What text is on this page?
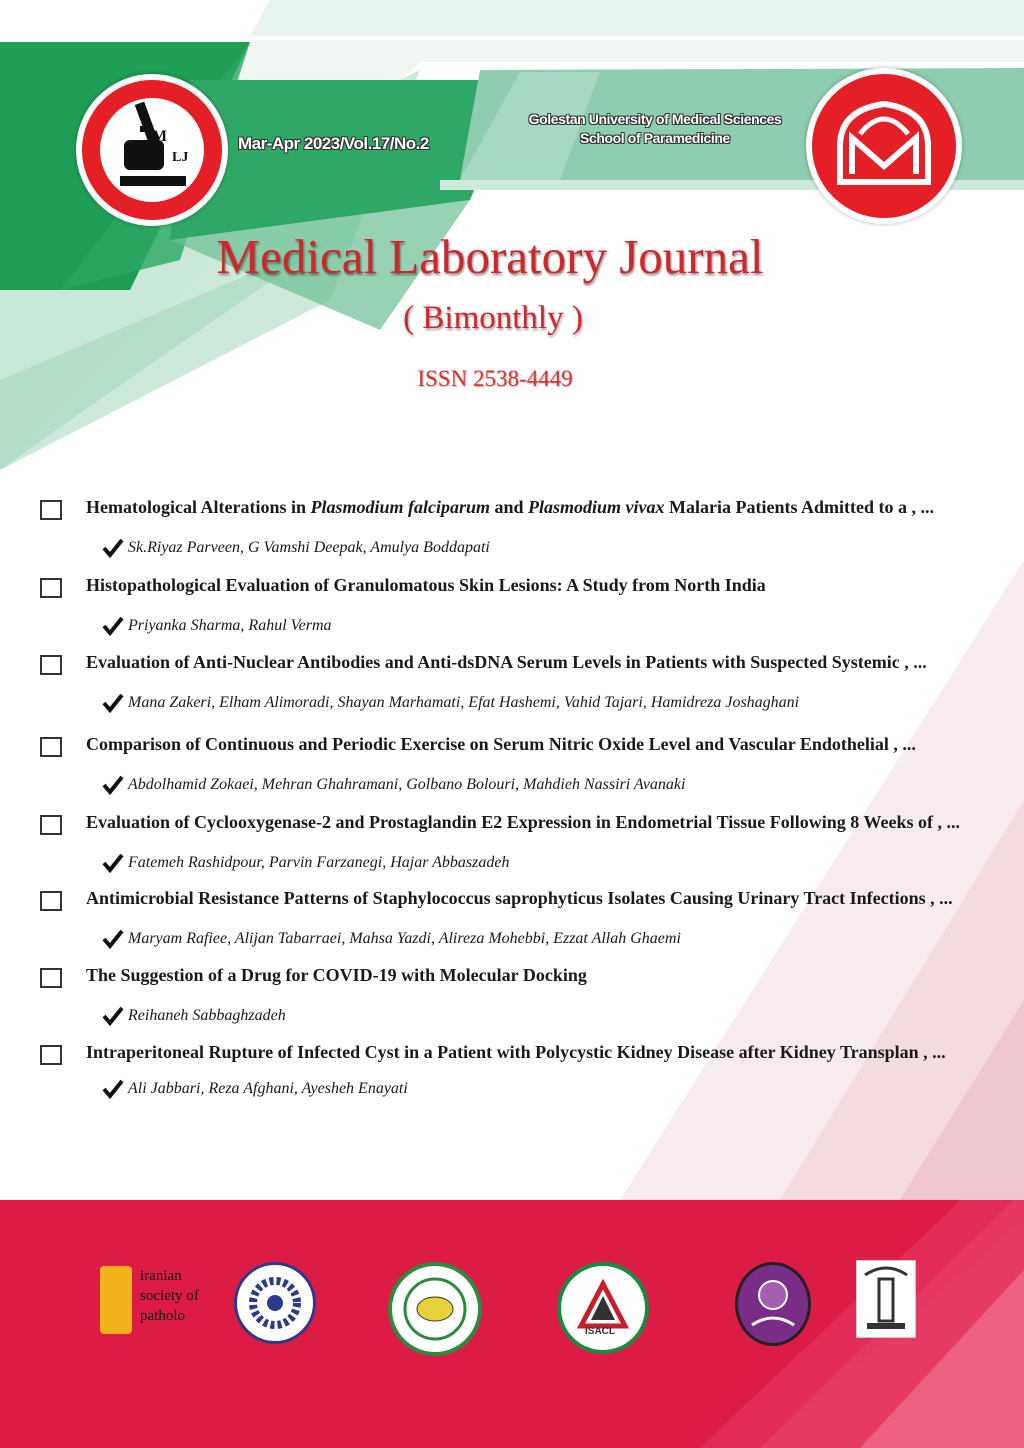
M
LJ
Mar-Apr 2023/Vol.17/No.2
Golestan University of Medical Sciences
School of Paramedicine
Medical Laboratory Journal
( Bimonthly )
ISSN 2538-4449
Hematological Alterations in Plasmodium falciparum and Plasmodium vivax Malaria Patients Admitted to a , ...
Sk.Riyaz Parveen, G Vamshi Deepak, Amulya Boddapati
Histopathological Evaluation of Granulomatous Skin Lesions: A Study from North India
Priyanka Sharma, Rahul Verma
Evaluation of Anti-Nuclear Antibodies and Anti-dsDNA Serum Levels in Patients with Suspected Systemic , ...
Mana Zakeri, Elham Alimoradi, Shayan Marhamati, Efat Hashemi, Vahid Tajari, Hamidreza Joshaghani
Comparison of Continuous and Periodic Exercise on Serum Nitric Oxide Level and Vascular Endothelial , ...
Abdolhamid Zokaei, Mehran Ghahramani, Golbano Bolouri, Mahdieh Nassiri Avanaki
Evaluation of Cyclooxygenase-2 and Prostaglandin E2 Expression in Endometrial Tissue Following 8 Weeks of , ...
Fatemeh Rashidpour, Parvin Farzanegi, Hajar Abbaszadeh
Antimicrobial Resistance Patterns of Staphylococcus saprophyticus Isolates Causing Urinary Tract Infections , ...
Maryam Rafiee, Alijan Tabarraei, Mahsa Yazdi, Alireza Mohebbi, Ezzat Allah Ghaemi
The Suggestion of a Drug for COVID-19 with Molecular Docking
Reihaneh Sabbaghzadeh
Intraperitoneal Rupture of Infected Cyst in a Patient with Polycystic Kidney Disease after Kidney Transplan , ...
Ali Jabbari, Reza Afghani, Ayesheh Enayati
iranian
society of
patholo
ISACL
